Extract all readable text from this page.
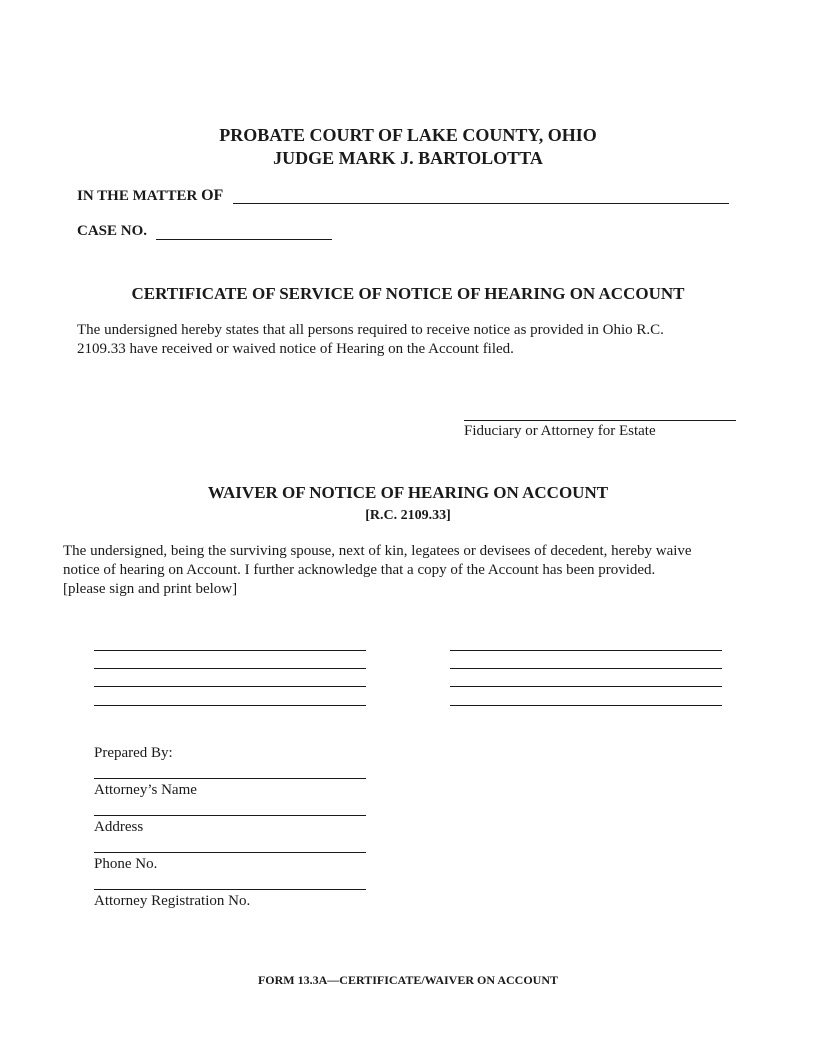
PROBATE COURT OF LAKE COUNTY, OHIO
JUDGE MARK J. BARTOLOTTA
IN THE MATTER OF
CASE NO.
CERTIFICATE OF SERVICE OF NOTICE OF HEARING ON ACCOUNT

The undersigned hereby states that all persons required to receive notice as provided in Ohio R.C.

2109.33 have received or waived notice of Hearing on the Account filed.

Fiduciary or Attorney for Estate
WAIVER OF NOTICE OF HEARING ON ACCOUNT
[R.C. 2109.33]

The undersigned, being the surviving spouse, next of kin, legatees or devisees of decedent, hereby waive

notice of hearing on Account. I further acknowledge that a copy of the Account has been provided.

[please sign and print below]

Prepared By:
Attorney’s Name
Address
Phone No.
Attorney Registration No.
FORM 13.3A—CERTIFICATE/WAIVER ON ACCOUNT
